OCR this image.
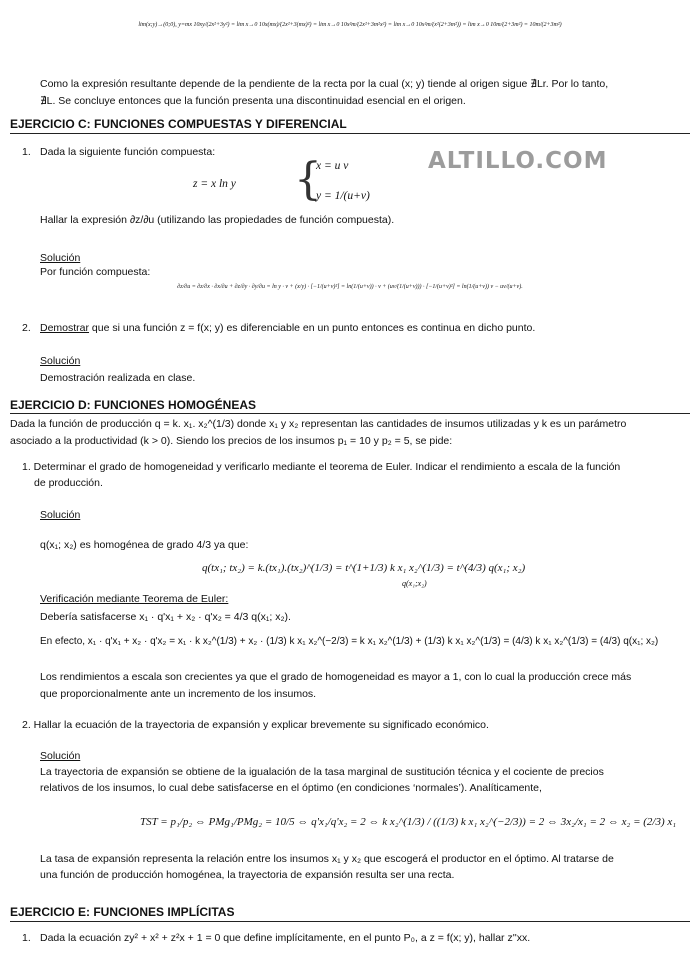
lim(x;y)→(0;0), y=mx 10xy/(2x²+3y²) = lim x→0 10x(mx)/(2x²+3(mx)²) = lim x→0 10x²m/(2x²+3m²x²) = lim x→0 10x²m/(x²(2+3m²)) = lim x→0 10m/(2+3m²) = 10m/(2+3m²)
Como la expresión resultante depende de la pendiente de la recta por la cual (x; y) tiende al origen sigue ∄Lr. Por lo tanto,
∄L. Se concluye entonces que la función presenta una discontinuidad esencial en el origen.
EJERCICIO C: FUNCIONES COMPUESTAS Y DIFERENCIAL
1. Dada la siguiente función compuesta:
z = x ln y {
x = u v
y = 1/(u+v)
ALTILLO.COM
Hallar la expresión ∂z/∂u (utilizando las propiedades de función compuesta).
Solución
Por función compuesta:
∂z/∂u = ∂z/∂x · ∂x/∂u + ∂z/∂y · ∂y/∂u = ln y · v + (x/y) · [−1/(u+v)²] = ln(1/(u+v)) · v + (uv/(1/(u+v))) · [−1/(u+v)²] = ln(1/(u+v)) v − uv/(u+v).
2. Demostrar que si una función z = f(x; y) es diferenciable en un punto entonces es continua en dicho punto.
Solución
Demostración realizada en clase.
EJERCICIO D: FUNCIONES HOMOGÉNEAS
Dada la función de producción q = k. x₁. x₂^(1/3) donde x₁ y x₂ representan las cantidades de insumos utilizadas y k es un parámetro
asociado a la productividad (k > 0). Siendo los precios de los insumos p₁ = 10 y p₂ = 5, se pide:
1. Determinar el grado de homogeneidad y verificarlo mediante el teorema de Euler. Indicar el rendimiento a escala de la función
de producción.
Solución
q(x₁; x₂) es homogénea de grado 4/3 ya que:
q(tx₁; tx₂) = k.(tx₁).(tx₂)^(1/3) = t^(1+1/3) k x₁ x₂^(1/3) = t^(4/3) q(x₁; x₂)
q(x₁;x₂)
Verificación mediante Teorema de Euler:
Debería satisfacerse x₁ · q'x₁ + x₂ · q'x₂ = 4/3 q(x₁; x₂).
En efecto, x₁ · q'x₁ + x₂ · q'x₂ = x₁ · k x₂^(1/3) + x₂ · (1/3) k x₁ x₂^(−2/3) = k x₁ x₂^(1/3) + (1/3) k x₁ x₂^(1/3) = (4/3) k x₁ x₂^(1/3) = (4/3) q(x₁; x₂)
Los rendimientos a escala son crecientes ya que el grado de homogeneidad es mayor a 1, con lo cual la producción crece más
que proporcionalmente ante un incremento de los insumos.
2. Hallar la ecuación de la trayectoria de expansión y explicar brevemente su significado económico.
Solución
La trayectoria de expansión se obtiene de la igualación de la tasa marginal de sustitución técnica y el cociente de precios
relativos de los insumos, lo cual debe satisfacerse en el óptimo (en condiciones ‘normales’). Analíticamente,
TST = p₁/p₂ ⇔ PMg₁/PMg₂ = 10/5 ⇔ q'x₁/q'x₂ = 2 ⇔ k x₂^(1/3) / ((1/3) k x₁ x₂^(−2/3)) = 2 ⇔ 3x₂/x₁ = 2 ⇔ x₂ = (2/3) x₁
La tasa de expansión representa la relación entre los insumos x₁ y x₂ que escogerá el productor en el óptimo. Al tratarse de
una función de producción homogénea, la trayectoria de expansión resulta ser una recta.
EJERCICIO E: FUNCIONES IMPLÍCITAS
1. Dada la ecuación zy² + x² + z²x + 1 = 0 que define implícitamente, en el punto P₀, a z = f(x; y), hallar z''xx.
